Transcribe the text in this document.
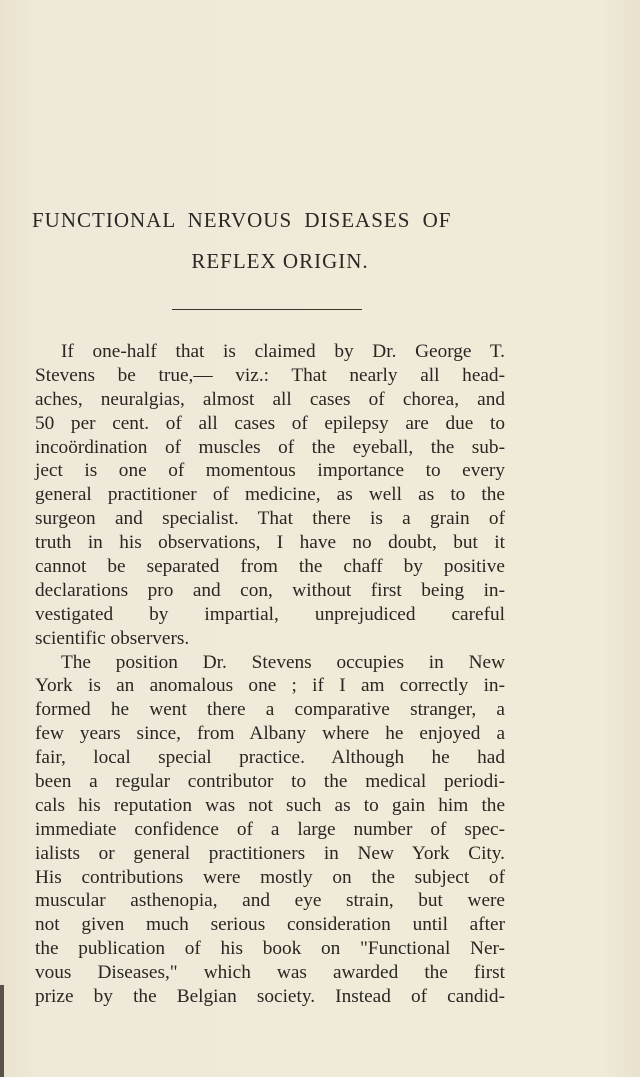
FUNCTIONAL NERVOUS DISEASES OF
REFLEX ORIGIN.
If one-half that is claimed by Dr. George T.
Stevens be true,— viz.: That nearly all head-
aches, neuralgias, almost all cases of chorea, and
50 per cent. of all cases of epilepsy are due to
incoördination of muscles of the eyeball, the sub-
ject is one of momentous importance to every
general practitioner of medicine, as well as to the
surgeon and specialist. That there is a grain of
truth in his observations, I have no doubt, but it
cannot be separated from the chaff by positive
declarations pro and con, without first being in-
vestigated by impartial, unprejudiced careful
scientific observers.
The position Dr. Stevens occupies in New
York is an anomalous one ; if I am correctly in-
formed he went there a comparative stranger, a
few years since, from Albany where he enjoyed a
fair, local special practice. Although he had
been a regular contributor to the medical periodi-
cals his reputation was not such as to gain him the
immediate confidence of a large number of spec-
ialists or general practitioners in New York City.
His contributions were mostly on the subject of
muscular asthenopia, and eye strain, but were
not given much serious consideration until after
the publication of his book on "Functional Ner-
vous Diseases," which was awarded the first
prize by the Belgian society. Instead of candid-
